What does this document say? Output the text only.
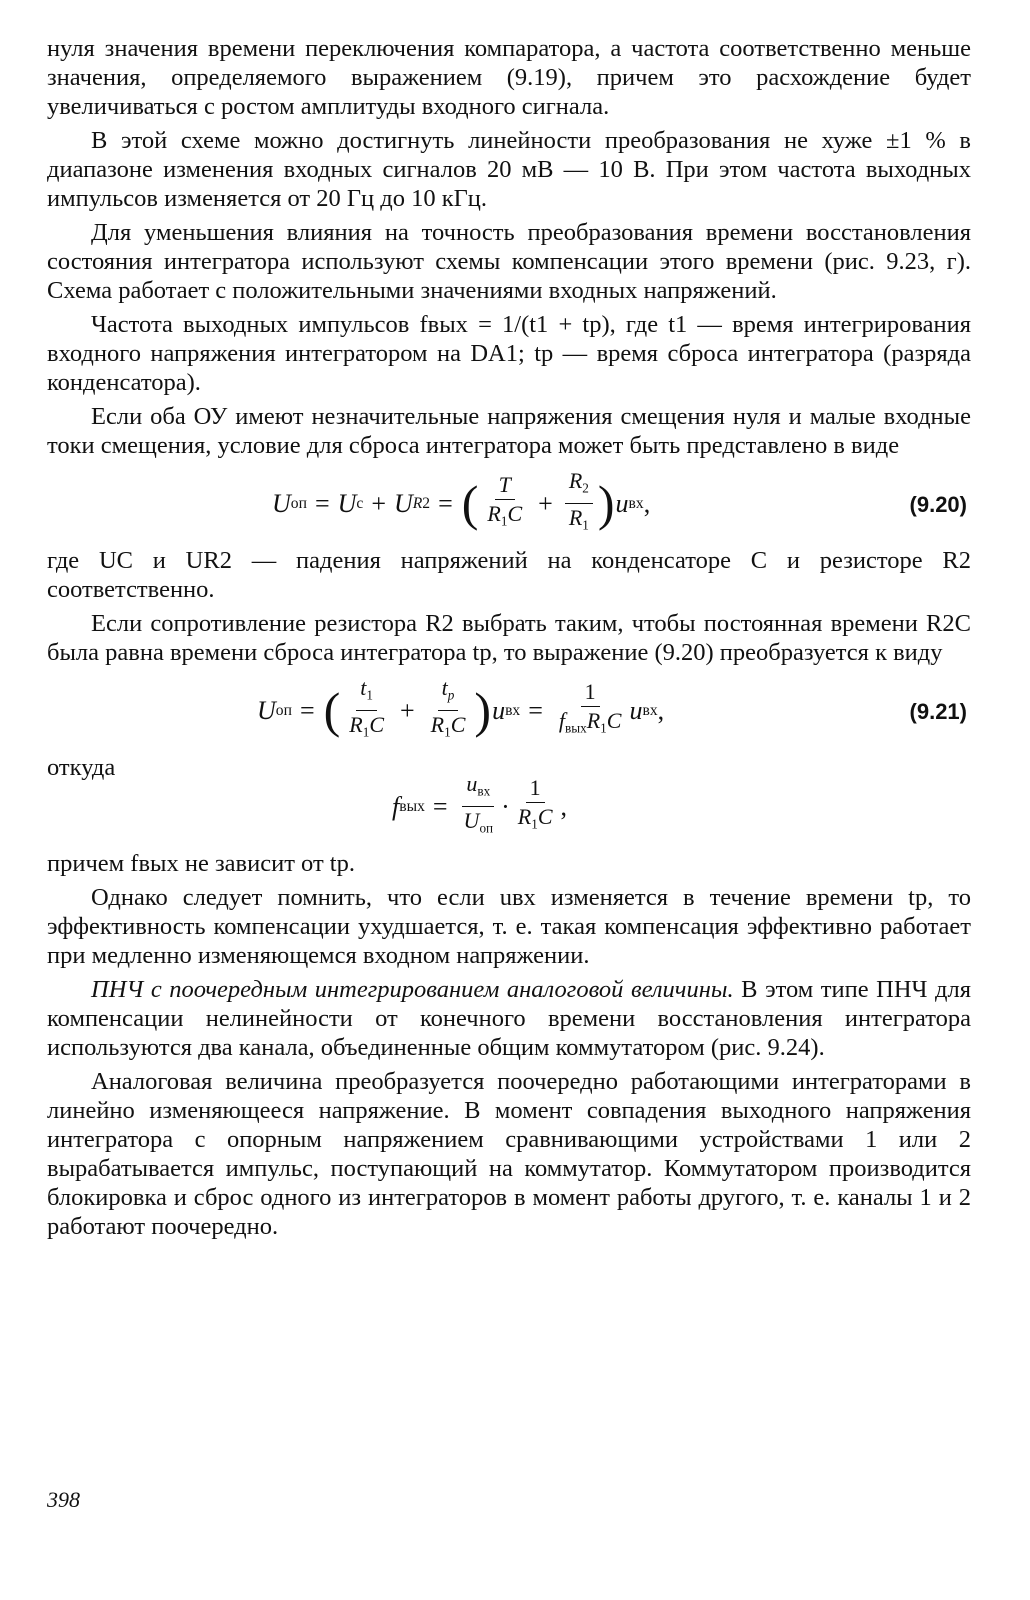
нуля значения времени переключения компаратора, а частота соответственно меньше значения, определяемого выражением (9.19), причем это расхождение будет увеличиваться с ростом амплитуды входного сигнала.

В этой схеме можно достигнуть линейности преобразования не хуже ±1 % в диапазоне изменения входных сигналов 20 мВ — 10 В. При этом частота выходных импульсов изменяется от 20 Гц до 10 кГц.

Для уменьшения влияния на точность преобразования времени восстановления состояния интегратора используют схемы компенсации этого времени (рис. 9.23, г). Схема работает с положительными значениями входных напряжений.

Частота выходных импульсов fвых = 1/(t1 + tр), где t1 — время интегрирования входного напряжения интегратором на DA1; tр — время сброса интегратора (разряда конденсатора).

Если оба ОУ имеют незначительные напряжения смещения нуля и малые входные токи смещения, условие для сброса интегратора может быть представлено в виде

U оп = U c + U R2 = ( $\frac{T}{R_1C} + \frac{R_2}{R_1}$ ) u вх ,	(9.20)

где UC и UR2 — падения напряжений на конденсаторе C и резисторе R2 соответственно.

Если сопротивление резистора R2 выбрать таким, чтобы постоянная времени R2C была равна времени сброса интегратора tр, то выражение (9.20) преобразуется к виду

U оп = ( $\frac{t_1}{R_1C} + \frac{t_p}{R_1C}$ ) u вх = $\frac{1}{f_{вых}R_1C}$ u вх ,	(9.21)

откуда

f вых = $\frac{u_{вх}}{U_{оп}} \cdot \frac{1}{R_1C}$ ,

причем fвых не зависит от tр.

Однако следует помнить, что если uвх изменяется в течение времени tр, то эффективность компенсации ухудшается, т. е. такая компенсация эффективно работает при медленно изменяющемся входном напряжении.

ПНЧ с поочередным интегрированием аналоговой величины. В этом типе ПНЧ для компенсации нелинейности от конечного времени восстановления интегратора используются два канала, объединенные общим коммутатором (рис. 9.24).

Аналоговая величина преобразуется поочередно работающими интеграторами в линейно изменяющееся напряжение. В момент совпадения выходного напряжения интегратора с опорным напряжением сравнивающими устройствами 1 или 2 вырабатывается импульс, поступающий на коммутатор. Коммутатором производится блокировка и сброс одного из интеграторов в момент работы другого, т. е. каналы 1 и 2 работают поочередно.

398
